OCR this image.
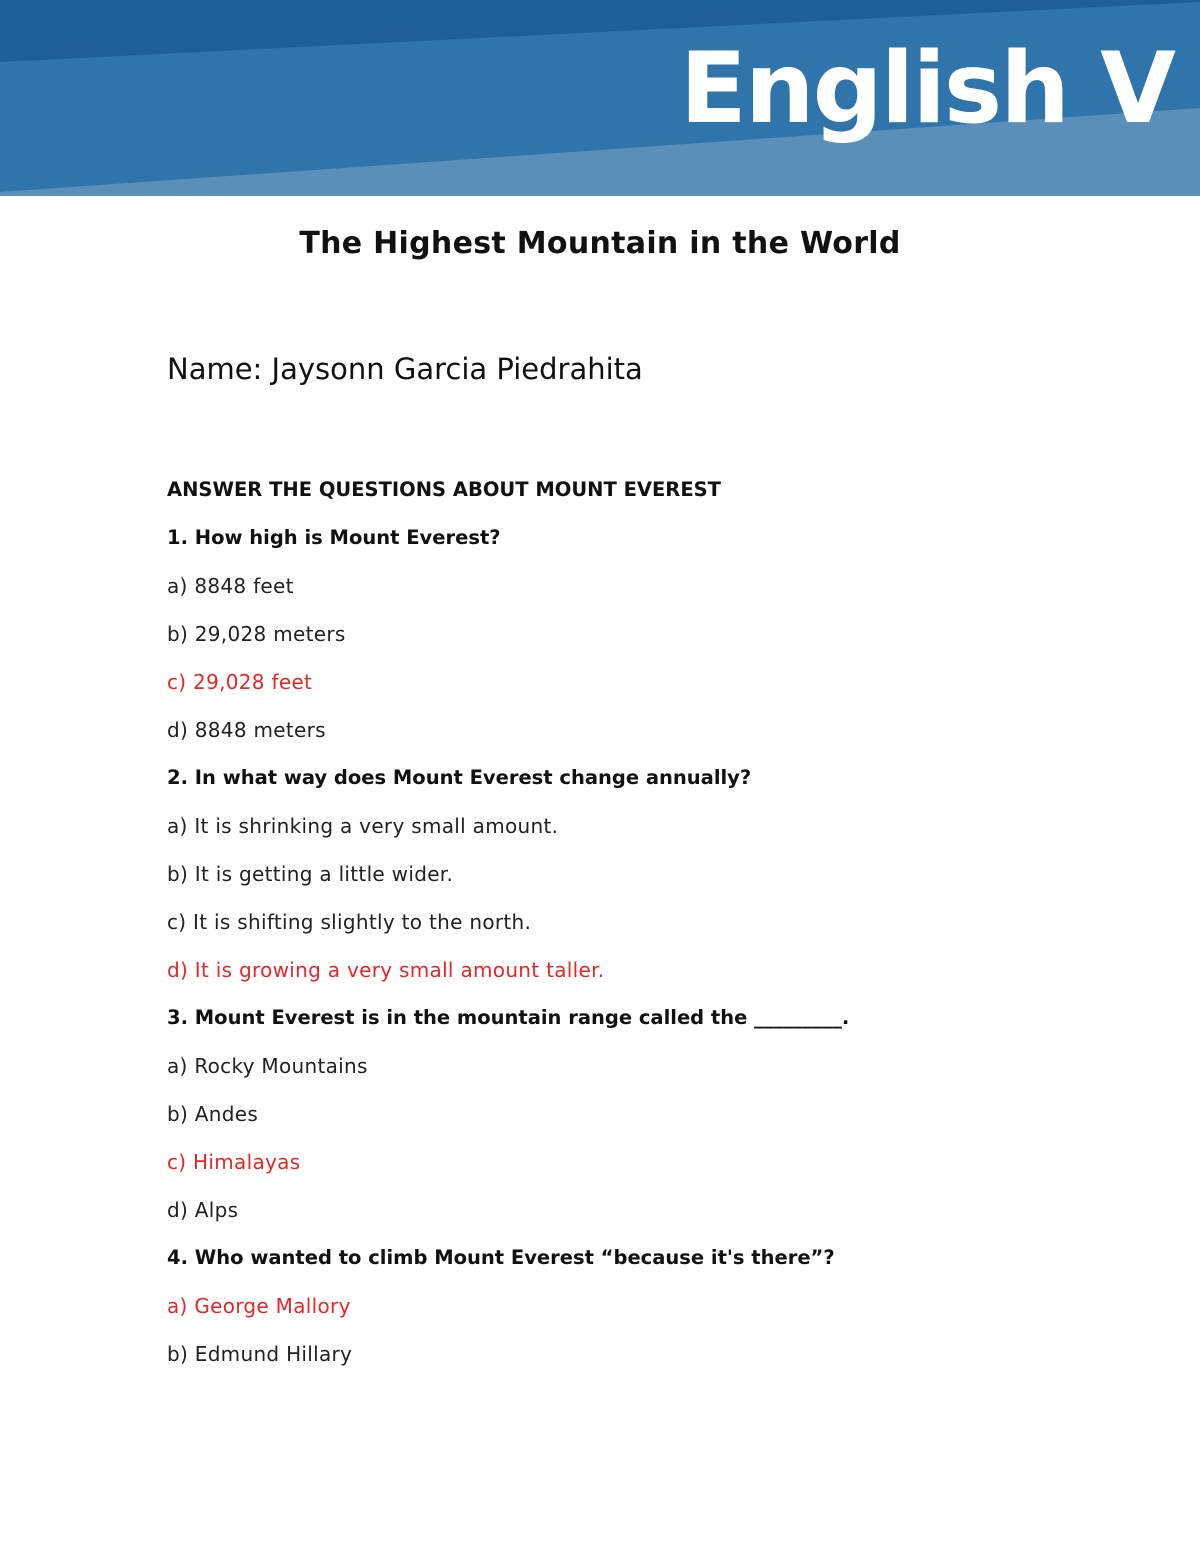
English V
The Highest Mountain in the World

Name: Jaysonn Garcia Piedrahita

ANSWER THE QUESTIONS ABOUT MOUNT EVEREST

1. How high is Mount Everest?

a) 8848 feet

b) 29,028 meters

c) 29,028 feet

d) 8848 meters

2. In what way does Mount Everest change annually?

a) It is shrinking a very small amount.

b) It is getting a little wider.

c) It is shifting slightly to the north.

d) It is growing a very small amount taller.

3. Mount Everest is in the mountain range called the _________.

a) Rocky Mountains

b) Andes

c) Himalayas

d) Alps

4. Who wanted to climb Mount Everest “because it's there”?

a) George Mallory

b) Edmund Hillary
